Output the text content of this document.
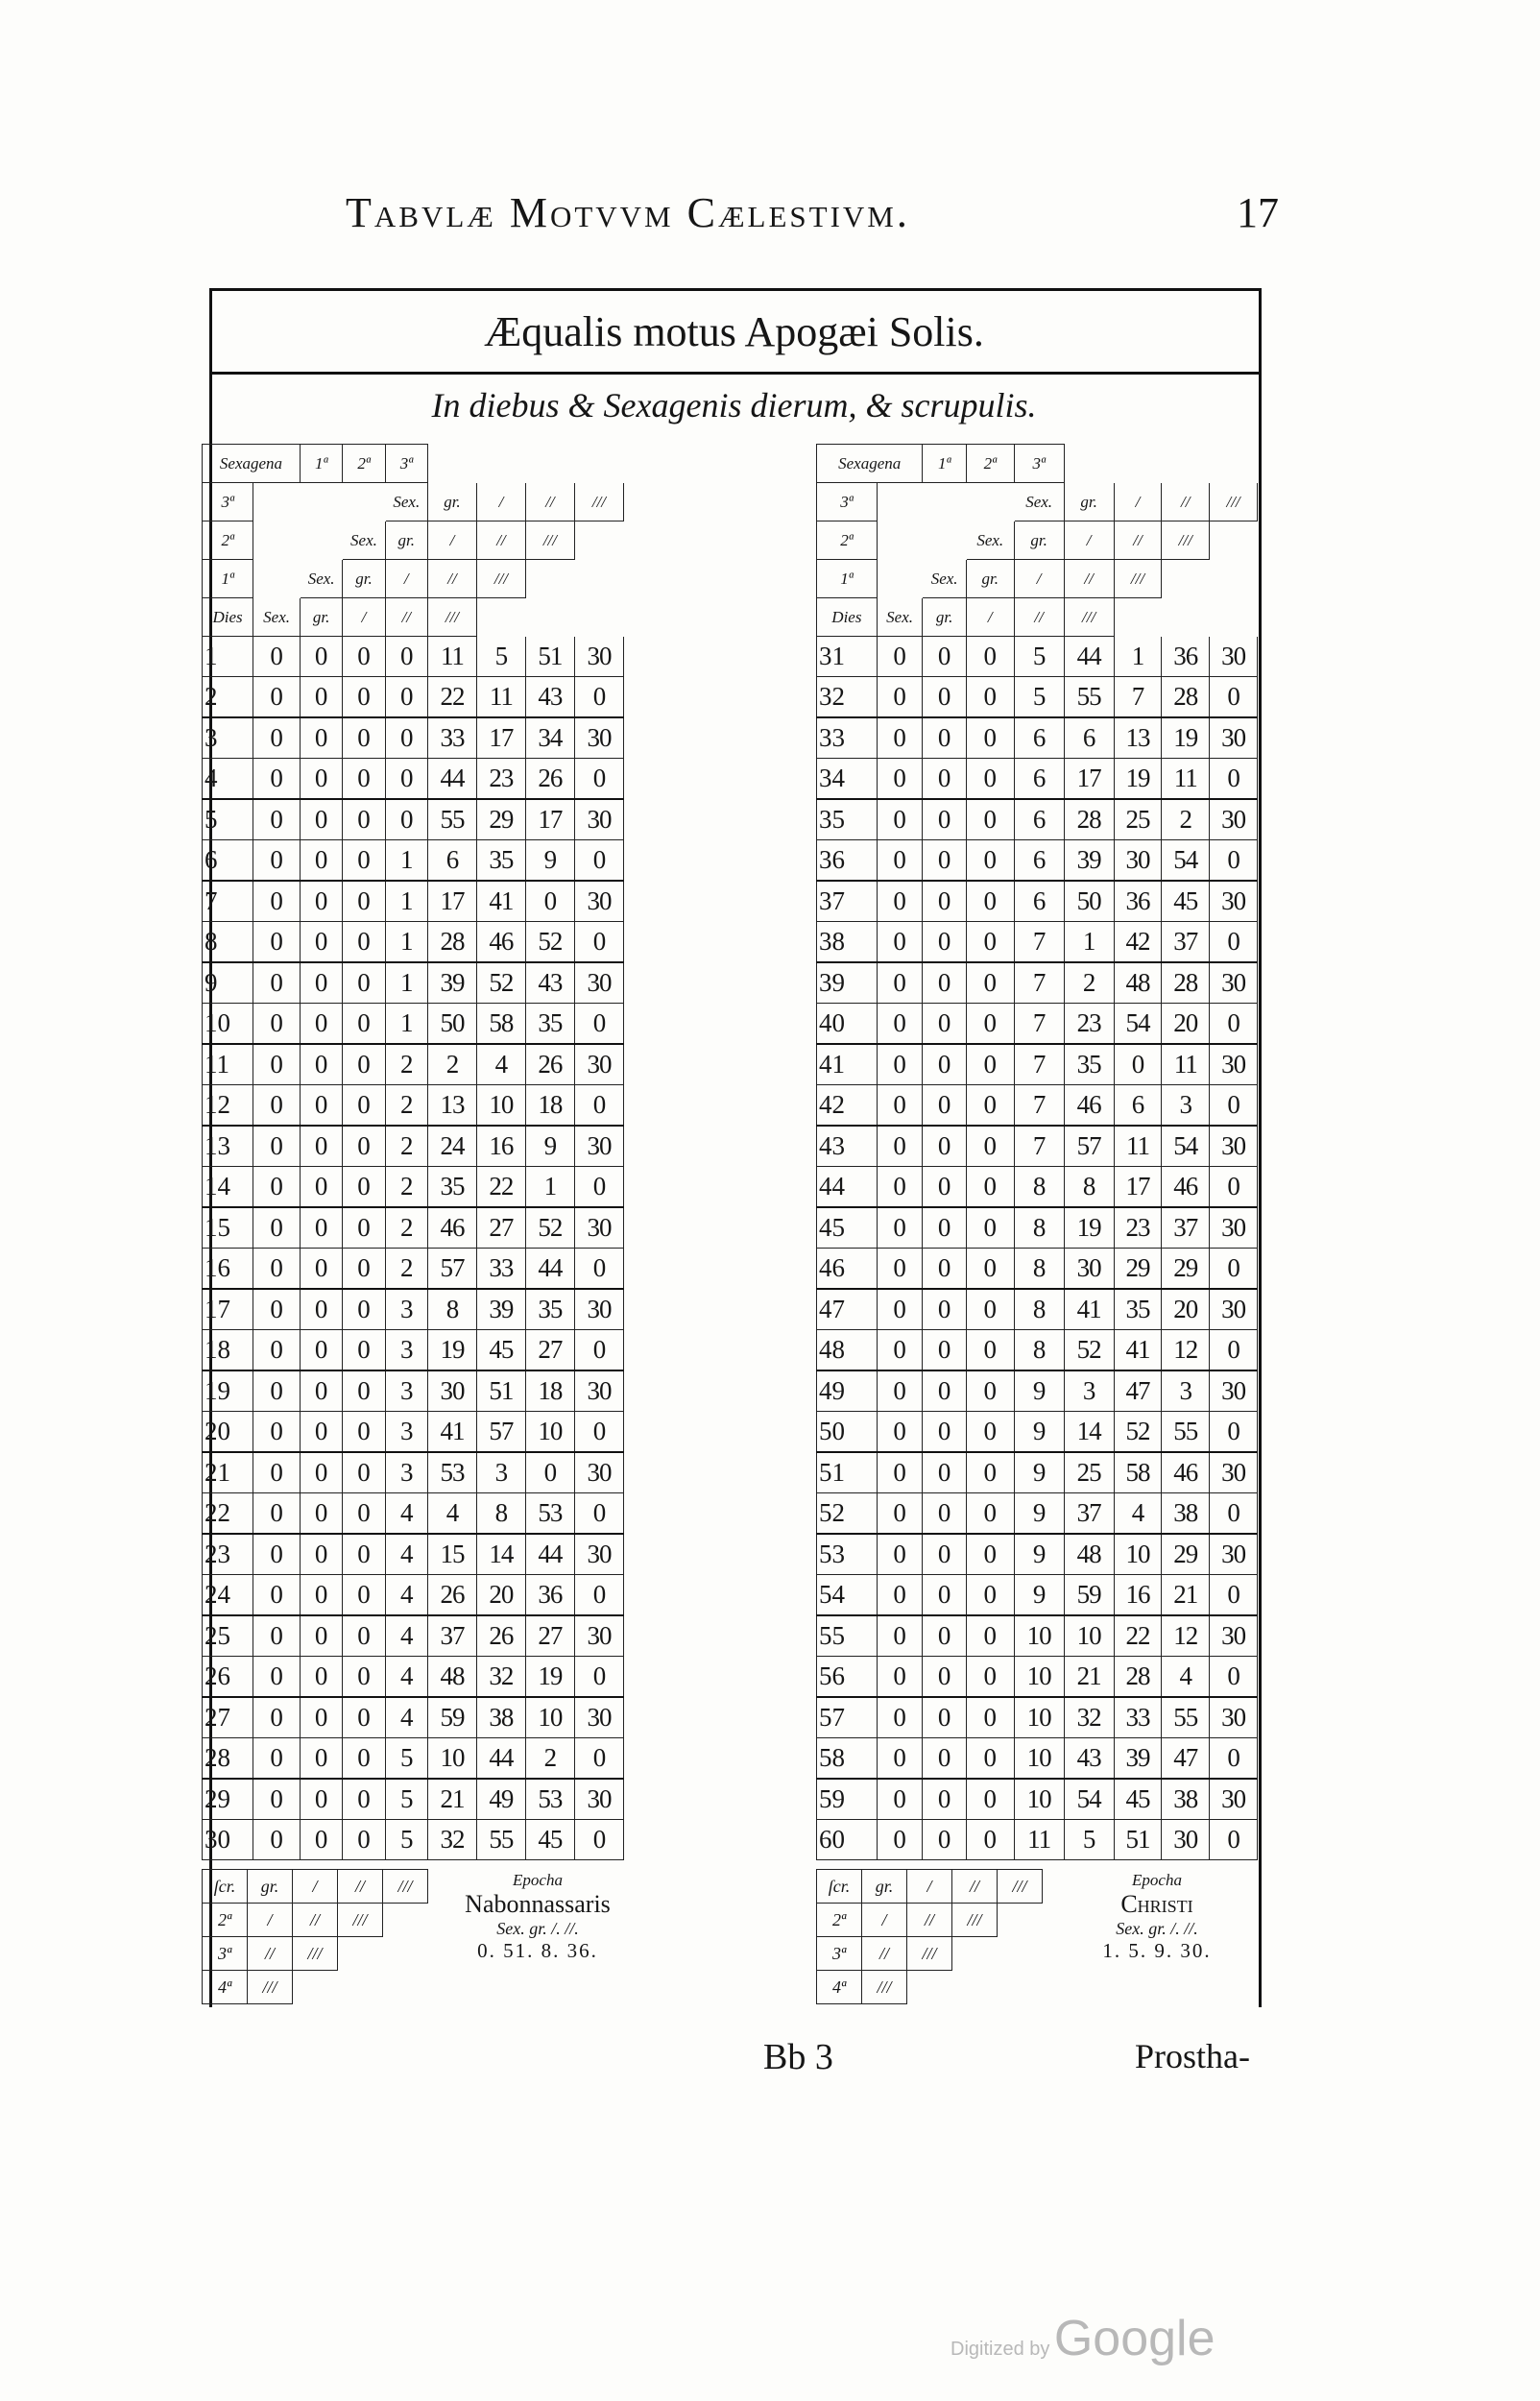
Tabvlæ Motvvm Cælestivm.	17
Æqualis motus Apogæi Solis.
In diebus & Sexagenis dierum, & scrupulis.
Sexagena		1ª	2ª	3ª				
3ª				Sex.	gr.	/	//	///
2ª			Sex.	gr.	/	//	///	
1ª		Sex.	gr.	/	//	///		
Dies	Sex.	gr.	/	//	///			
1	0	0	0	0	11	5	51	30
2	0	0	0	0	22	11	43	0
3	0	0	0	0	33	17	34	30
4	0	0	0	0	44	23	26	0
5	0	0	0	0	55	29	17	30
6	0	0	0	1	6	35	9	0
7	0	0	0	1	17	41	0	30
8	0	0	0	1	28	46	52	0
9	0	0	0	1	39	52	43	30
10	0	0	0	1	50	58	35	0
11	0	0	0	2	2	4	26	30
12	0	0	0	2	13	10	18	0
13	0	0	0	2	24	16	9	30
14	0	0	0	2	35	22	1	0
15	0	0	0	2	46	27	52	30
16	0	0	0	2	57	33	44	0
17	0	0	0	3	8	39	35	30
18	0	0	0	3	19	45	27	0
19	0	0	0	3	30	51	18	30
20	0	0	0	3	41	57	10	0
21	0	0	0	3	53	3	0	30
22	0	0	0	4	4	8	53	0
23	0	0	0	4	15	14	44	30
24	0	0	0	4	26	20	36	0
25	0	0	0	4	37	26	27	30
26	0	0	0	4	48	32	19	0
27	0	0	0	4	59	38	10	30
28	0	0	0	5	10	44	2	0
29	0	0	0	5	21	49	53	30
30	0	0	0	5	32	55	45	0
Sexagena		1ª	2ª	3ª				
3ª				Sex.	gr.	/	//	///
2ª			Sex.	gr.	/	//	///	
1ª		Sex.	gr.	/	//	///		
Dies	Sex.	gr.	/	//	///			
31	0	0	0	5	44	1	36	30
32	0	0	0	5	55	7	28	0
33	0	0	0	6	6	13	19	30
34	0	0	0	6	17	19	11	0
35	0	0	0	6	28	25	2	30
36	0	0	0	6	39	30	54	0
37	0	0	0	6	50	36	45	30
38	0	0	0	7	1	42	37	0
39	0	0	0	7	2	48	28	30
40	0	0	0	7	23	54	20	0
41	0	0	0	7	35	0	11	30
42	0	0	0	7	46	6	3	0
43	0	0	0	7	57	11	54	30
44	0	0	0	8	8	17	46	0
45	0	0	0	8	19	23	37	30
46	0	0	0	8	30	29	29	0
47	0	0	0	8	41	35	20	30
48	0	0	0	8	52	41	12	0
49	0	0	0	9	3	47	3	30
50	0	0	0	9	14	52	55	0
51	0	0	0	9	25	58	46	30
52	0	0	0	9	37	4	38	0
53	0	0	0	9	48	10	29	30
54	0	0	0	9	59	16	21	0
55	0	0	0	10	10	22	12	30
56	0	0	0	10	21	28	4	0
57	0	0	0	10	32	33	55	30
58	0	0	0	10	43	39	47	0
59	0	0	0	10	54	45	38	30
60	0	0	0	11	5	51	30	0
ſcr.	gr.	/	//	///
2ª	/	//	///	
3ª	//	///		
4ª	///			
Epocha
Nabonnassaris
Sex. gr. /. //.
0. 51. 8. 36.
ſcr.	gr.	/	//	///
2ª	/	//	///	
3ª	//	///		
4ª	///			
Epocha
Christi
Sex. gr. /. //.
1. 5. 9. 30.
Bb 3	Prostha-
Digitized by Google
